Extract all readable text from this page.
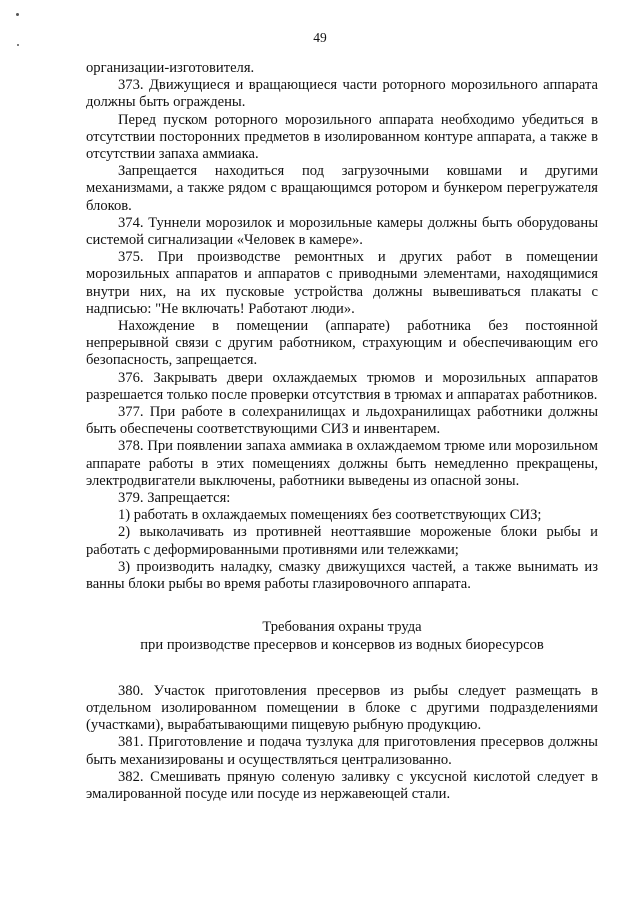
49

организации-изготовителя.

373. Движущиеся и вращающиеся части роторного морозильного аппарата должны быть ограждены.

Перед пуском роторного морозильного аппарата необходимо убедиться в отсутствии посторонних предметов в изолированном контуре аппарата, а также в отсутствии запаха аммиака.

Запрещается находиться под загрузочными ковшами и другими механизмами, а также рядом с вращающимся ротором и бункером перегружателя блоков.

374. Туннели морозилок и морозильные камеры должны быть оборудованы системой сигнализации «Человек в камере».

375. При производстве ремонтных и других работ в помещении морозильных аппаратов и аппаратов с приводными элементами, находящимися внутри них, на их пусковые устройства должны вывешиваться плакаты с надписью: "Не включать! Работают люди».

Нахождение в помещении (аппарате) работника без постоянной непрерывной связи с другим работником, страхующим и обеспечивающим его безопасность, запрещается.

376. Закрывать двери охлаждаемых трюмов и морозильных аппаратов разрешается только после проверки отсутствия в трюмах и аппаратах работников.

377. При работе в солехранилищах и льдохранилищах работники должны быть обеспечены соответствующими СИЗ и инвентарем.

378. При появлении запаха аммиака в охлаждаемом трюме или морозильном аппарате работы в этих помещениях должны быть немедленно прекращены, электродвигатели выключены, работники выведены из опасной зоны.

379. Запрещается:

1) работать в охлаждаемых помещениях без соответствующих СИЗ;

2) выколачивать из противней неоттаявшие мороженые блоки рыбы и работать с деформированными противнями или тележками;

3) производить наладку, смазку движущихся частей, а также вынимать из ванны блоки рыбы во время работы глазировочного аппарата.

Требования охраны труда

при производстве пресервов и консервов из водных биоресурсов

380. Участок приготовления пресервов из рыбы следует размещать в отдельном изолированном помещении в блоке с другими подразделениями (участками), вырабатывающими пищевую рыбную продукцию.

381. Приготовление и подача тузлука для приготовления пресервов должны быть механизированы и осуществляться централизованно.

382. Смешивать пряную соленую заливку с уксусной кислотой следует в эмалированной посуде или посуде из нержавеющей стали.
